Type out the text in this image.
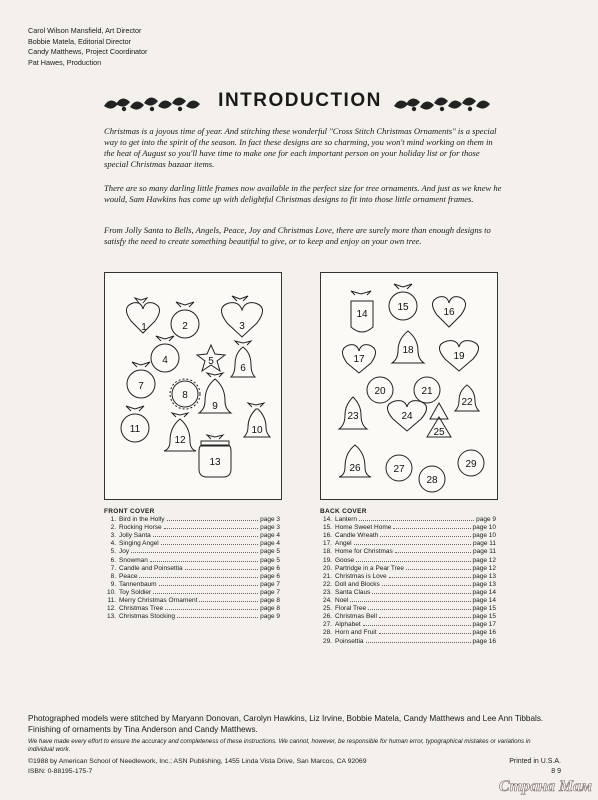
Carol Wilson Mansfield, Art Director
Bobbie Matela, Editorial Director
Candy Matthews, Project Coordinator
Pat Hawes, Production
INTRODUCTION

Christmas is a joyous time of year. And stitching these wonderful "Cross Stitch Christmas Ornaments" is a special way to get into the spirit of the season. In fact these designs are so charming, you won't mind working on them in the heat of August so you'll have time to make one for each important person on your holiday list or for those special Christmas bazaar items.

There are so many darling little frames now available in the perfect size for tree ornaments. And just as we knew he would, Sam Hawkins has come up with delightful Christmas designs to fit into those little ornament frames.

From Jolly Santa to Bells, Angels, Peace, Joy and Christmas Love, there are surely more than enough designs to satisfy the need to create something beautiful to give, or to keep and enjoy on your own tree.

1	2	3
4	5
6
7
8
9
10
11
12
13
14
15	16
17
18
19
20	21
22
23	24
25
26	27
28
29
FRONT COVER
1. Bird in the Holly	page 3
2. Rocking Horse	page 3
3. Jolly Santa	page 4
4. Singing Angel	page 4
5. Joy	page 5
6. Snowman	page 5
7. Candle and Poinsettia	page 6
8. Peace	page 6
9. Tannenbaum	page 7
10. Toy Soldier	page 7
11. Merry Christmas Ornament	page 8
12. Christmas Tree	page 8
13. Christmas Stocking	page 9
BACK COVER
14. Lantern	page 9
15. Home Sweet Home	page 10
16. Candle Wreath	page 10
17. Angel	page 11
18. Home for Christmas	page 11
19. Goose	page 12
20. Partridge in a Pear Tree	page 12
21. Christmas is Love	page 13
22. Doll and Blocks	page 13
23. Santa Claus	page 14
24. Noel	page 14
25. Floral Tree	page 15
26. Christmas Bell	page 15
27. Alphabet	page 17
28. Horn and Fruit	page 16
29. Poinsettia	page 16
Photographed models were stitched by Maryann Donovan, Carolyn Hawkins, Liz Irvine, Bobbie Matela, Candy Matthews and Lee Ann Tibbals. Finishing of ornaments by Tina Anderson and Candy Matthews.
We have made every effort to ensure the accuracy and completeness of these instructions. We cannot, however, be responsible for human error, typographical mistakes or variations in individual work.
©1988 by American School of Needlework, Inc.; ASN Publishing, 1455 Linda Vista Drive, San Marcos, CA 92069
ISBN: 0-88195-175-7
Printed in U.S.A.
8 9
Страна Мам
